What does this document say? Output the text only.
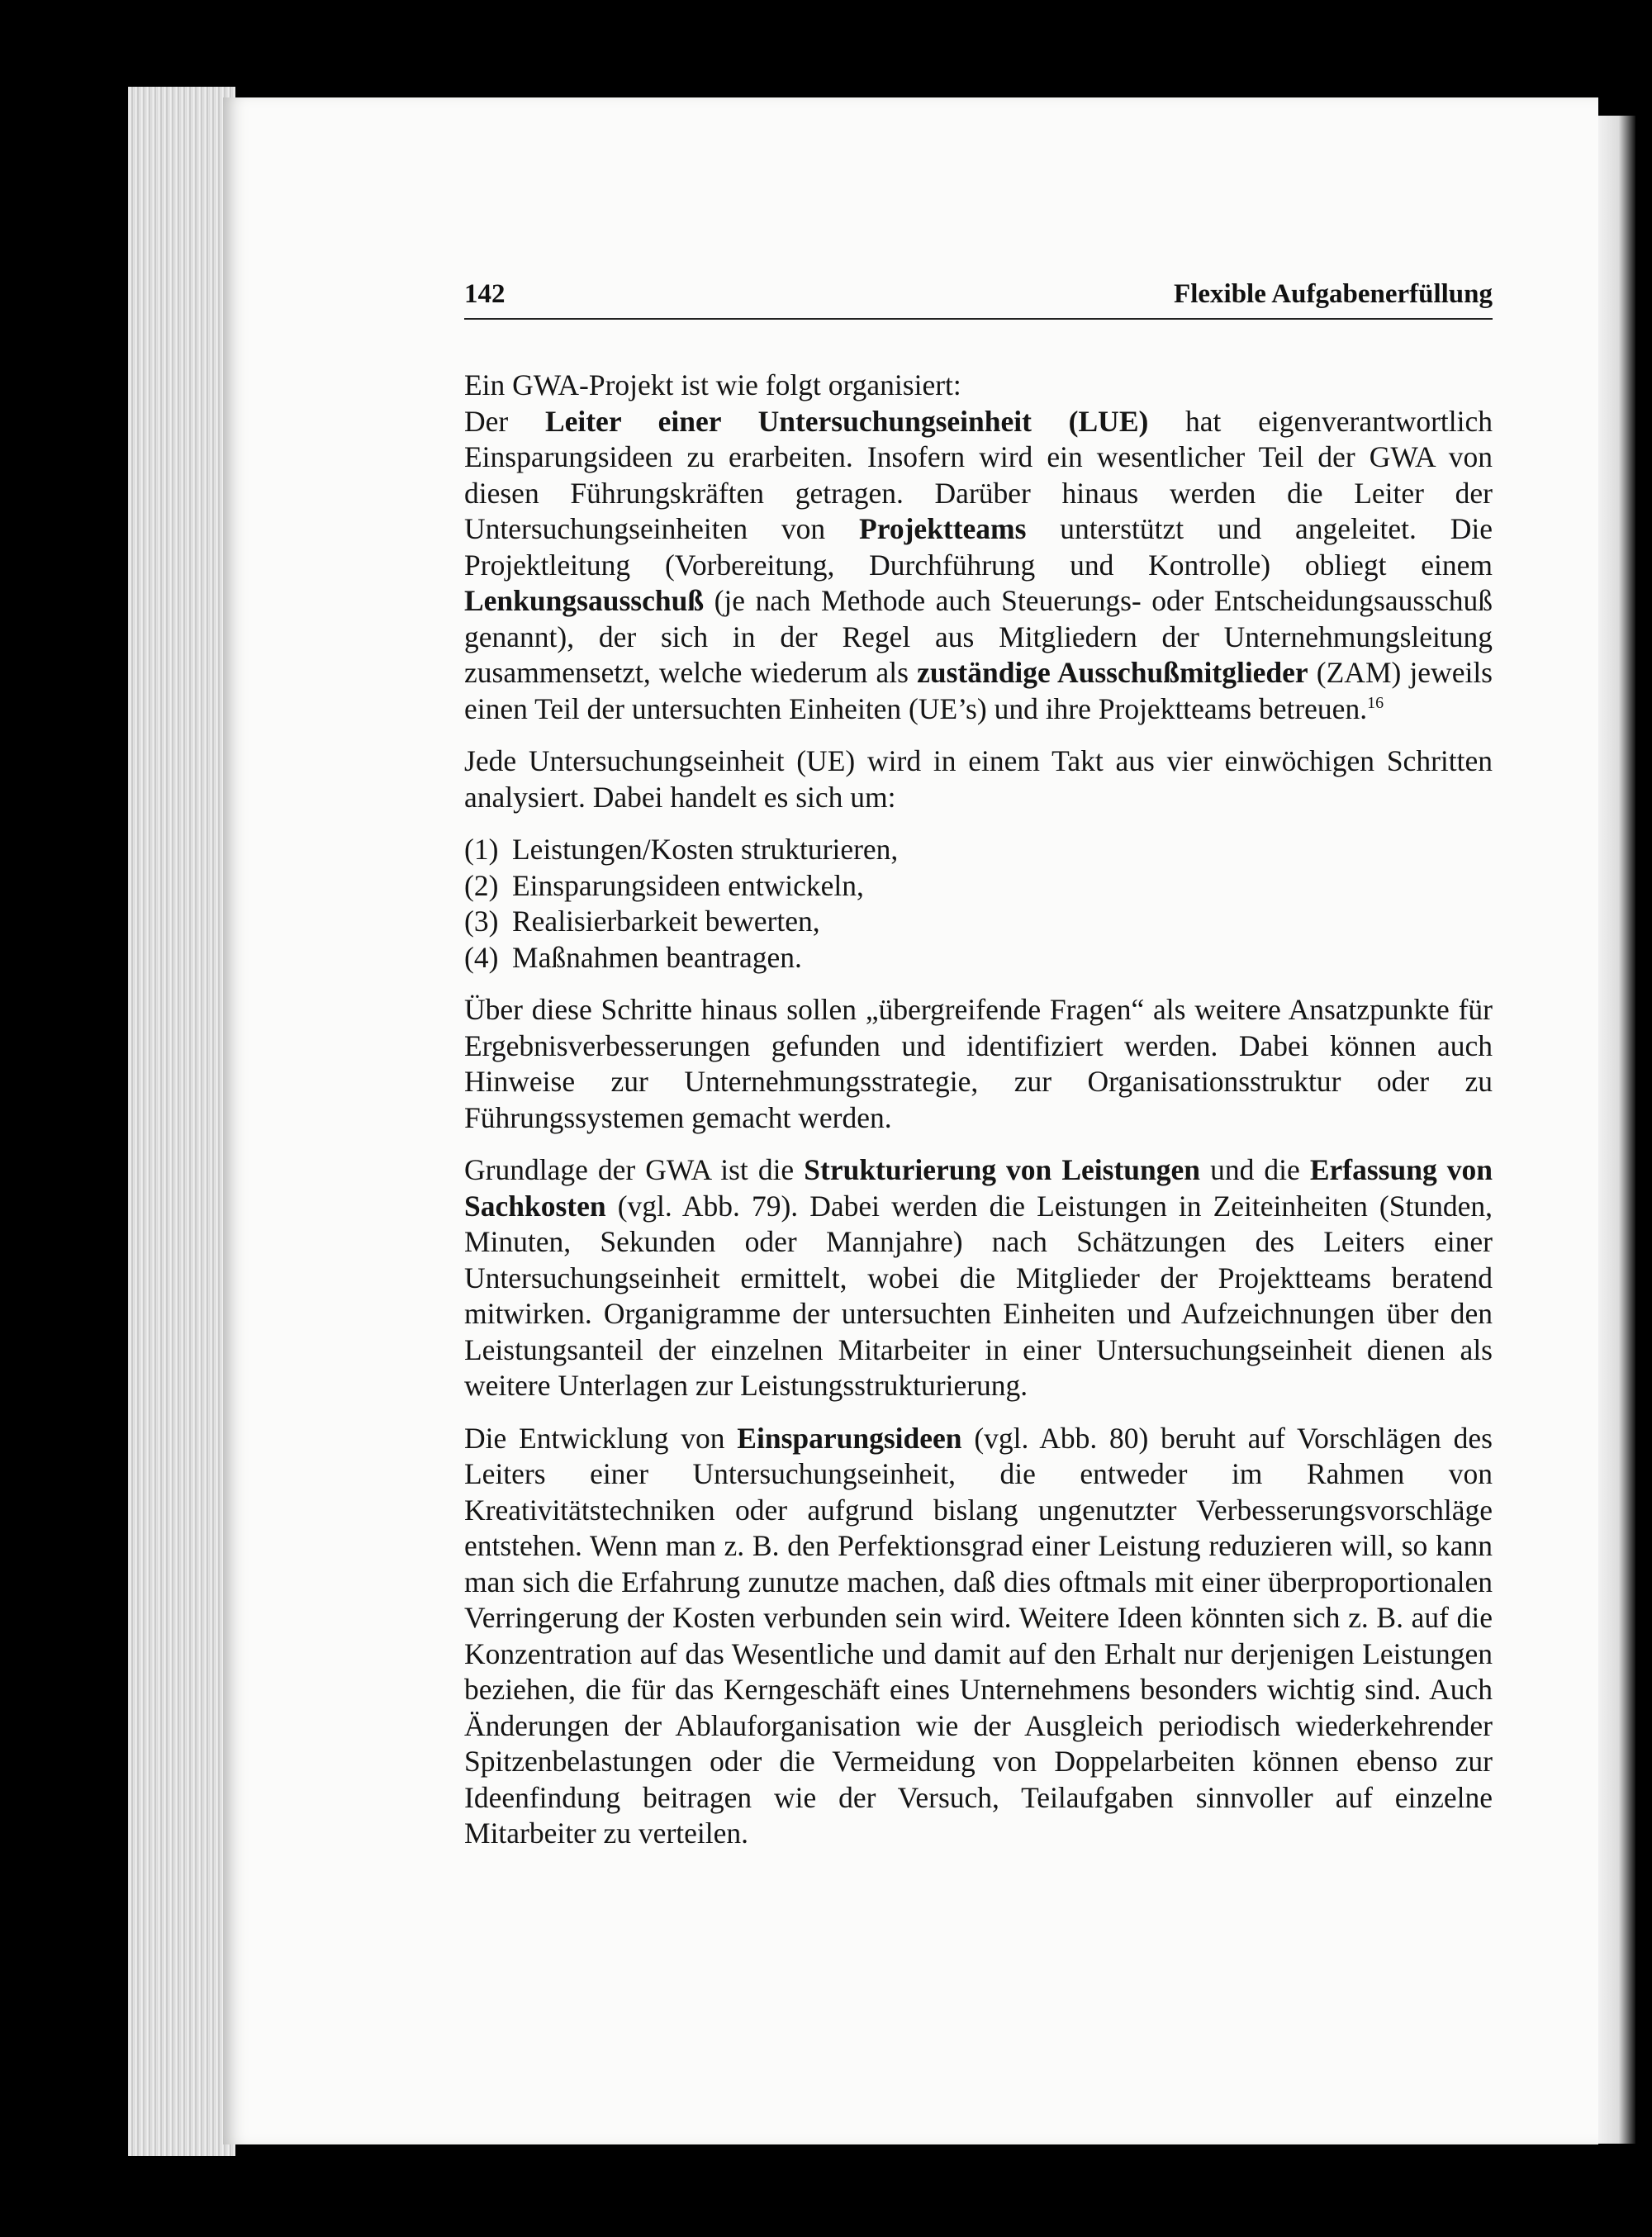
142	Flexible Aufgabenerfüllung

Ein GWA-Projekt ist wie folgt organisiert:

Der Leiter einer Untersuchungseinheit (LUE) hat eigenverantwortlich Einsparungsideen zu erarbeiten. Insofern wird ein wesentlicher Teil der GWA von diesen Führungskräften getragen. Darüber hinaus werden die Leiter der Untersuchungseinheiten von Projektteams unterstützt und angeleitet. Die Projektleitung (Vorbereitung, Durchführung und Kontrolle) obliegt einem Lenkungsausschuß (je nach Methode auch Steuerungs- oder Entscheidungsausschuß genannt), der sich in der Regel aus Mitgliedern der Unternehmungsleitung zusammensetzt, welche wiederum als zuständige Ausschußmitglieder (ZAM) jeweils einen Teil der untersuchten Einheiten (UE’s) und ihre Projektteams betreuen.$^{16}$

Jede Untersuchungseinheit (UE) wird in einem Takt aus vier einwöchigen Schritten analysiert. Dabei handelt es sich um:

(1) Leistungen/Kosten strukturieren,
(2) Einsparungsideen entwickeln,
(3) Realisierbarkeit bewerten,
(4) Maßnahmen beantragen.

Über diese Schritte hinaus sollen „übergreifende Fragen“ als weitere Ansatzpunkte für Ergebnisverbesserungen gefunden und identifiziert werden. Dabei können auch Hinweise zur Unternehmungsstrategie, zur Organisationsstruktur oder zu Führungssystemen gemacht werden.

Grundlage der GWA ist die Strukturierung von Leistungen und die Erfassung von Sachkosten (vgl. Abb. 79). Dabei werden die Leistungen in Zeiteinheiten (Stunden, Minuten, Sekunden oder Mannjahre) nach Schätzungen des Leiters einer Untersuchungseinheit ermittelt, wobei die Mitglieder der Projektteams beratend mitwirken. Organigramme der untersuchten Einheiten und Aufzeichnungen über den Leistungsanteil der einzelnen Mitarbeiter in einer Untersuchungseinheit dienen als weitere Unterlagen zur Leistungsstrukturierung.

Die Entwicklung von Einsparungsideen (vgl. Abb. 80) beruht auf Vorschlägen des Leiters einer Untersuchungseinheit, die entweder im Rahmen von Kreativitätstechniken oder aufgrund bislang ungenutzter Verbesserungsvorschläge entstehen. Wenn man z. B. den Perfektionsgrad einer Leistung reduzieren will, so kann man sich die Erfahrung zunutze machen, daß dies oftmals mit einer überproportionalen Verringerung der Kosten verbunden sein wird. Weitere Ideen könnten sich z. B. auf die Konzentration auf das Wesentliche und damit auf den Erhalt nur derjenigen Leistungen beziehen, die für das Kerngeschäft eines Unternehmens besonders wichtig sind. Auch Änderungen der Ablauforganisation wie der Ausgleich periodisch wiederkehrender Spitzenbelastungen oder die Vermeidung von Doppelarbeiten können ebenso zur Ideenfindung beitragen wie der Versuch, Teilaufgaben sinnvoller auf einzelne Mitarbeiter zu verteilen.
